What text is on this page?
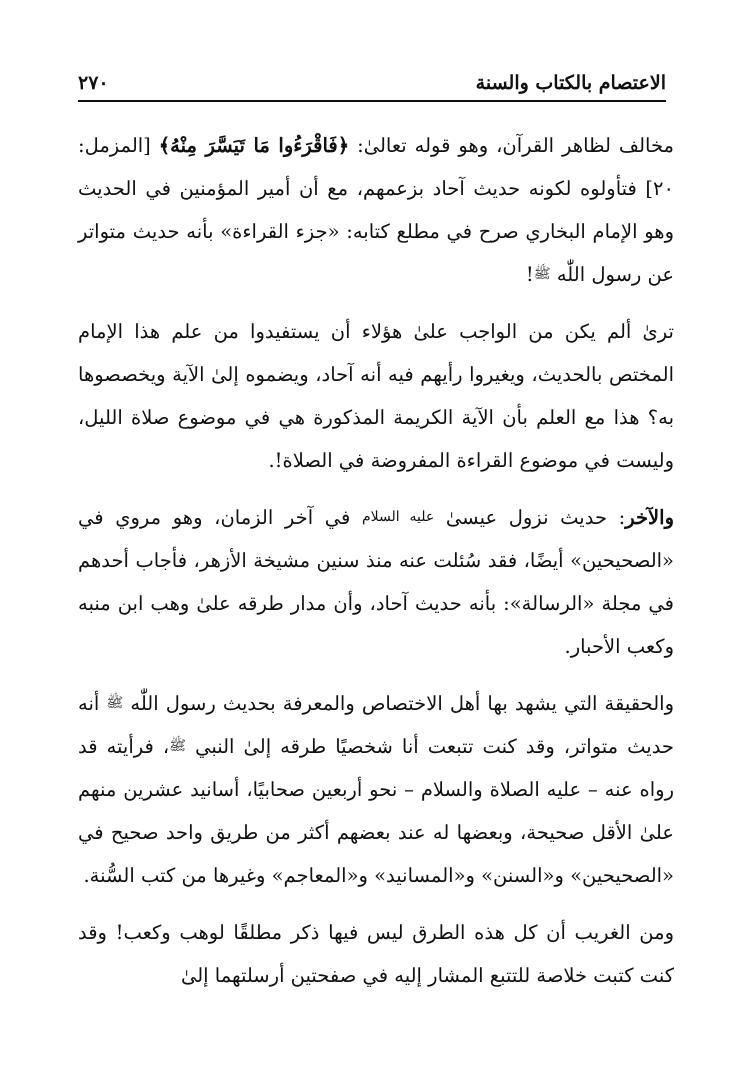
الاعتصام بالكتاب والسنة
٢٧٠

مخالف لظاهر القرآن، وهو قوله تعالىٰ: ﴿فَاقْرَءُوا مَا تَيَسَّرَ مِنْهُ﴾ [المزمل: ٢٠] فتأولوه لكونه حديث آحاد بزعمهم، مع أن أمير المؤمنين في الحديث وهو الإمام البخاري صرح في مطلع كتابه: «جزء القراءة» بأنه حديث متواتر عن رسول اللّٰه ﷺ!

ترىٰ ألم يكن من الواجب علىٰ هؤلاء أن يستفيدوا من علم هذا الإمام المختص بالحديث، ويغيروا رأيهم فيه أنه آحاد، ويضموه إلىٰ الآية ويخصصوها به؟ هذا مع العلم بأن الآية الكريمة المذكورة هي في موضوع صلاة الليل، وليست في موضوع القراءة المفروضة في الصلاة!.

والآخر: حديث نزول عيسىٰ عليه السلام في آخر الزمان، وهو مروي في «الصحيحين» أيضًا، فقد سُئلت عنه منذ سنين مشيخة الأزهر، فأجاب أحدهم في مجلة «الرسالة»: بأنه حديث آحاد، وأن مدار طرقه علىٰ وهب ابن منبه وكعب الأحبار.

والحقيقة التي يشهد بها أهل الاختصاص والمعرفة بحديث رسول اللّٰه ﷺ أنه حديث متواتر، وقد كنت تتبعت أنا شخصيًا طرقه إلىٰ النبي ﷺ، فرأيته قد رواه عنه – عليه الصلاة والسلام – نحو أربعين صحابيًا، أسانيد عشرين منهم علىٰ الأقل صحيحة، وبعضها له عند بعضهم أكثر من طريق واحد صحيح في «الصحيحين» و«السنن» و«المسانيد» و«المعاجم» وغيرها من كتب السُّنة.

ومن الغريب أن كل هذه الطرق ليس فيها ذكر مطلقًا لوهب وكعب! وقد كنت كتبت خلاصة للتتبع المشار إليه في صفحتين أرسلتهما إلىٰ
